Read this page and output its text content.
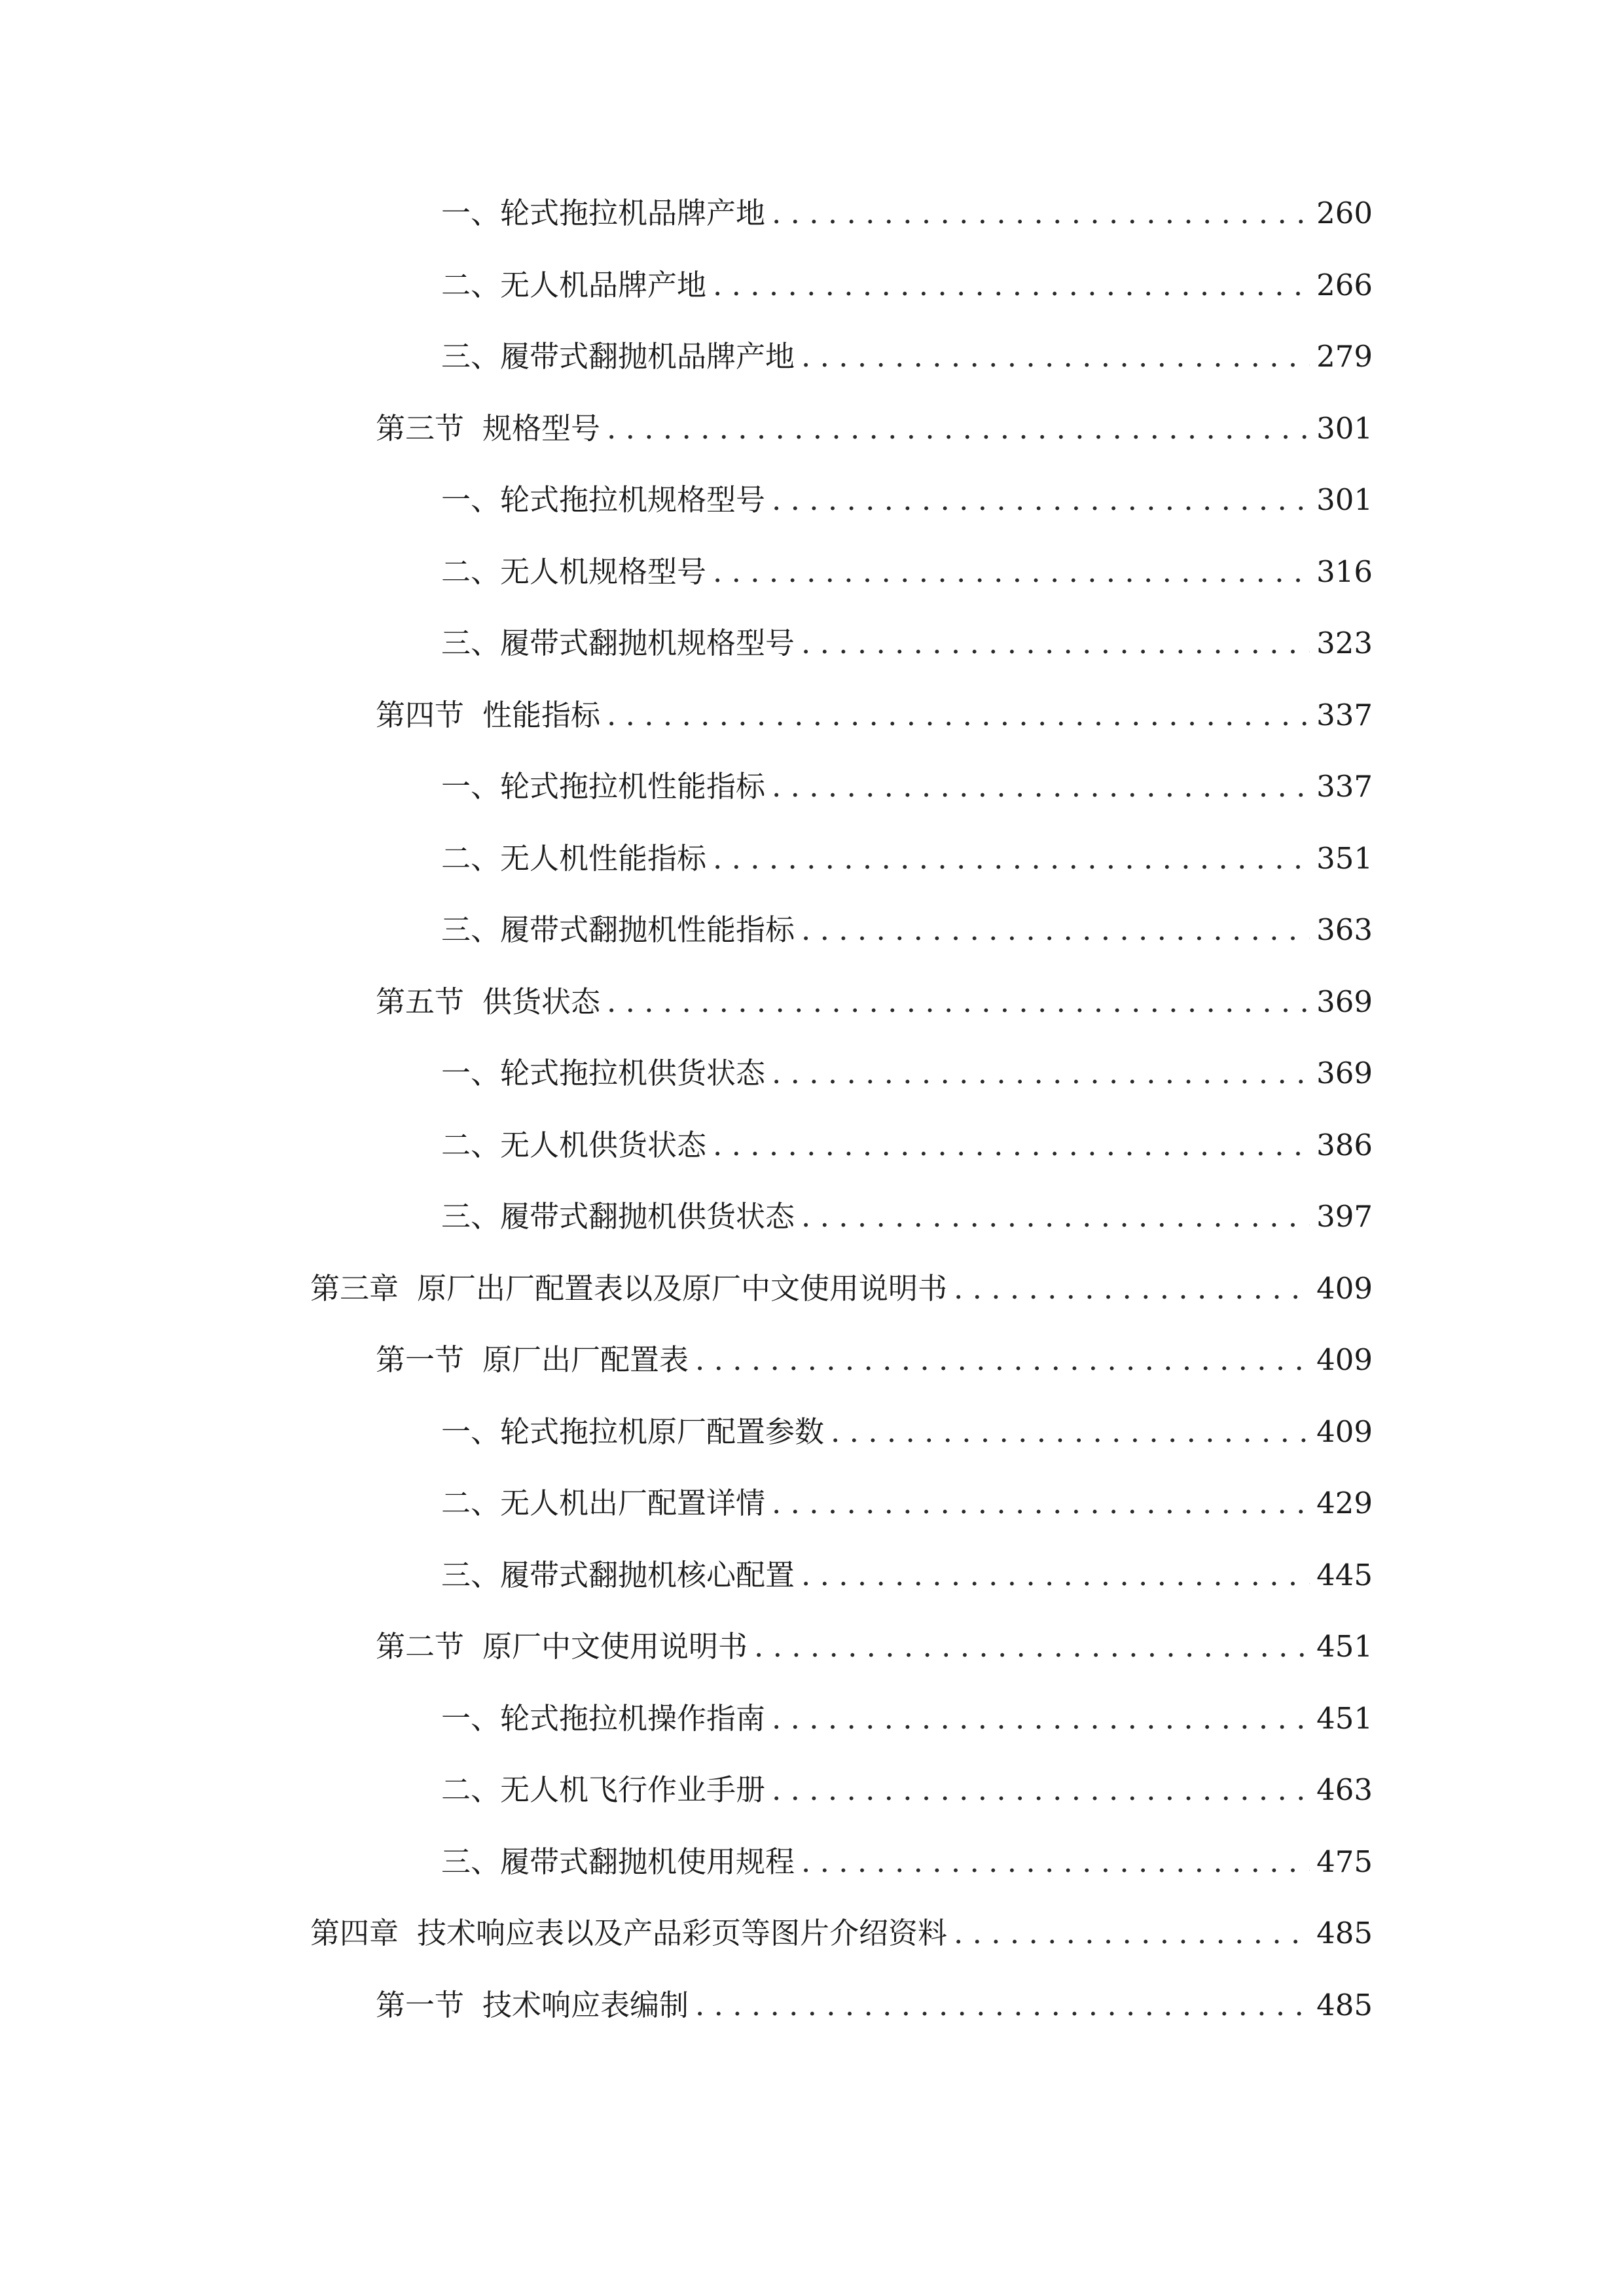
一、 轮式拖拉机品牌产地 . . .	260
二、 无人机品牌产地 . . .	266
三、 履带式翻抛机品牌产地 . . .	279
第三节 规格型号 . . .	301
一、 轮式拖拉机规格型号 . . .	301
二、 无人机规格型号 . . .	316
三、 履带式翻抛机规格型号 . . .	323
第四节 性能指标 . . .	337
一、 轮式拖拉机性能指标 . . .	337
二、 无人机性能指标 . . .	351
三、 履带式翻抛机性能指标 . . .	363
第五节 供货状态 . . .	369
一、 轮式拖拉机供货状态 . . .	369
二、 无人机供货状态 . . .	386
三、 履带式翻抛机供货状态 . . .	397
第三章 原厂出厂配置表以及原厂中文使用说明书 . . .	409
第一节 原厂出厂配置表 . . .	409
一、 轮式拖拉机原厂配置参数 . . .	409
二、 无人机出厂配置详情 . . .	429
三、 履带式翻抛机核心配置 . . .	445
第二节 原厂中文使用说明书 . . .	451
一、 轮式拖拉机操作指南 . . .	451
二、 无人机飞行作业手册 . . .	463
三、 履带式翻抛机使用规程 . . .	475
第四章 技术响应表以及产品彩页等图片介绍资料 . . .	485
第一节 技术响应表编制 . . .	485
